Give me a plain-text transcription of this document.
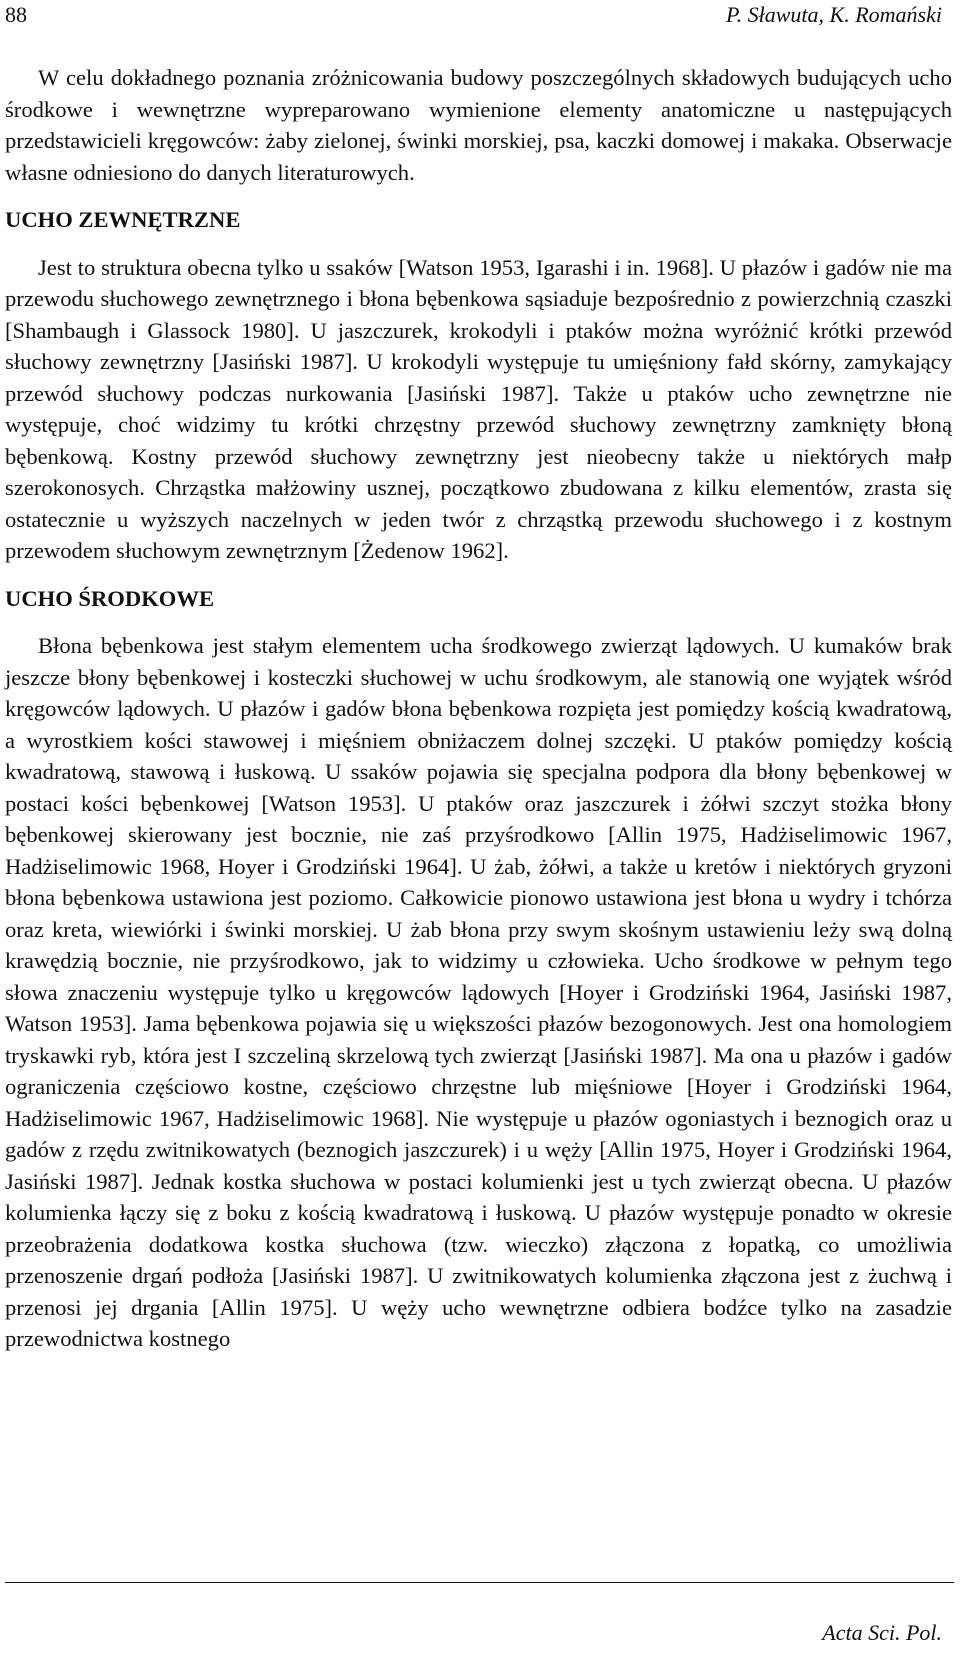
88	P. Sławuta, K. Romański

W celu dokładnego poznania zróżnicowania budowy poszczególnych składowych budujących ucho środkowe i wewnętrzne wypreparowano wymienione elementy anatomiczne u następujących przedstawicieli kręgowców: żaby zielonej, świnki morskiej, psa, kaczki domowej i makaka. Obserwacje własne odniesiono do danych literaturowych.

UCHO ZEWNĘTRZNE

Jest to struktura obecna tylko u ssaków [Watson 1953, Igarashi i in. 1968]. U płazów i gadów nie ma przewodu słuchowego zewnętrznego i błona bębenkowa sąsiaduje bezpośrednio z powierzchnią czaszki [Shambaugh i Glassock 1980]. U jaszczurek, krokodyli i ptaków można wyróżnić krótki przewód słuchowy zewnętrzny [Jasiński 1987]. U krokodyli występuje tu umięśniony fałd skórny, zamykający przewód słuchowy podczas nurkowania [Jasiński 1987]. Także u ptaków ucho zewnętrzne nie występuje, choć widzimy tu krótki chrzęstny przewód słuchowy zewnętrzny zamknięty błoną bębenkową. Kostny przewód słuchowy zewnętrzny jest nieobecny także u niektórych małp szerokonosych. Chrząstka małżowiny usznej, początkowo zbudowana z kilku elementów, zrasta się ostatecznie u wyższych naczelnych w jeden twór z chrząstką przewodu słuchowego i z kostnym przewodem słuchowym zewnętrznym [Żedenow 1962].

UCHO ŚRODKOWE

Błona bębenkowa jest stałym elementem ucha środkowego zwierząt lądowych. U kumaków brak jeszcze błony bębenkowej i kosteczki słuchowej w uchu środkowym, ale stanowią one wyjątek wśród kręgowców lądowych. U płazów i gadów błona bębenkowa rozpięta jest pomiędzy kością kwadratową, a wyrostkiem kości stawowej i mięśniem obniżaczem dolnej szczęki. U ptaków pomiędzy kością kwadratową, stawową i łuskową. U ssaków pojawia się specjalna podpora dla błony bębenkowej w postaci kości bębenkowej [Watson 1953]. U ptaków oraz jaszczurek i żółwi szczyt stożka błony bębenkowej skierowany jest bocznie, nie zaś przyśrodkowo [Allin 1975, Hadżiselimowic 1967, Hadżiselimowic 1968, Hoyer i Grodziński 1964]. U żab, żółwi, a także u kretów i niektórych gryzoni błona bębenkowa ustawiona jest poziomo. Całkowicie pionowo ustawiona jest błona u wydry i tchórza oraz kreta, wiewiórki i świnki morskiej. U żab błona przy swym skośnym ustawieniu leży swą dolną krawędzią bocznie, nie przyśrodkowo, jak to widzimy u człowieka. Ucho środkowe w pełnym tego słowa znaczeniu występuje tylko u kręgowców lądowych [Hoyer i Grodziński 1964, Jasiński 1987, Watson 1953]. Jama bębenkowa pojawia się u większości płazów bezogonowych. Jest ona homologiem tryskawki ryb, która jest I szczeliną skrzelową tych zwierząt [Jasiński 1987]. Ma ona u płazów i gadów ograniczenia częściowo kostne, częściowo chrzęstne lub mięśniowe [Hoyer i Grodziński 1964, Hadżiselimowic 1967, Hadżiselimowic 1968]. Nie występuje u płazów ogoniastych i beznogich oraz u gadów z rzędu zwitnikowatych (beznogich jaszczurek) i u węży [Allin 1975, Hoyer i Grodziński 1964, Jasiński 1987]. Jednak kostka słuchowa w postaci kolumienki jest u tych zwierząt obecna. U płazów kolumienka łączy się z boku z kością kwadratową i łuskową. U płazów występuje ponadto w okresie przeobrażenia dodatkowa kostka słuchowa (tzw. wieczko) złączona z łopatką, co umożliwia przenoszenie drgań podłoża [Jasiński 1987]. U zwitnikowatych kolumienka złączona jest z żuchwą i przenosi jej drgania [Allin 1975]. U węży ucho wewnętrzne odbiera bodźce tylko na zasadzie przewodnictwa kostnego

Acta Sci. Pol.
